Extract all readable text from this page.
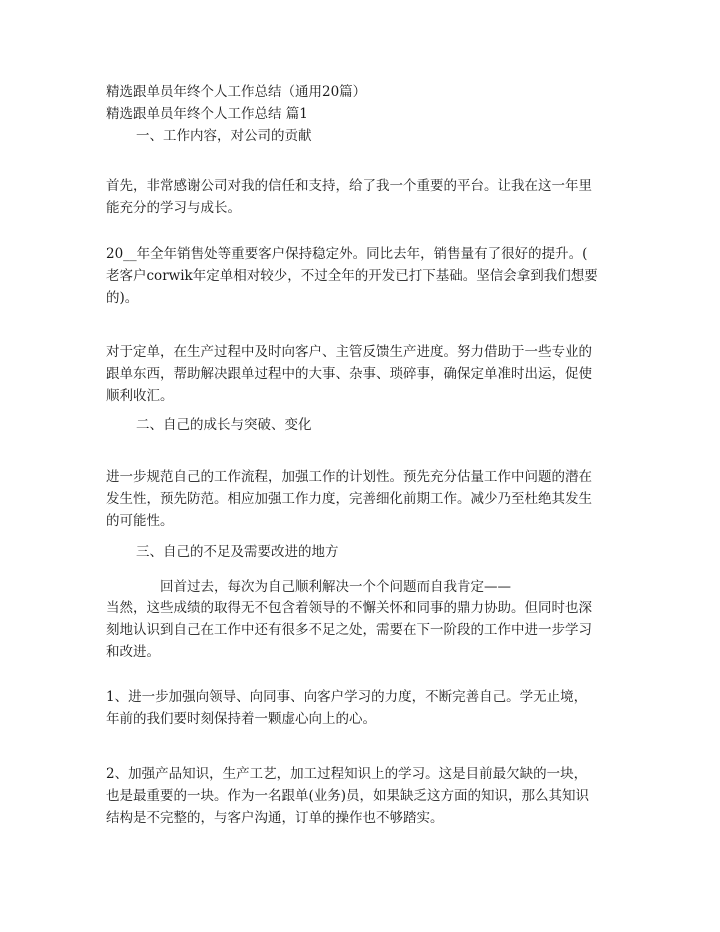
精选跟单员年终个人工作总结（通用20篇）
精选跟单员年终个人工作总结 篇1
一、工作内容，对公司的贡献
首先，非常感谢公司对我的信任和支持，给了我一个重要的平台。让我在这一年里
能充分的学习与成长。
20__年全年销售处等重要客户保持稳定外。同比去年，销售量有了很好的提升。(
老客户corwik年定单相对较少，不过全年的开发已打下基础。坚信会拿到我们想要
的)。
对于定单，在生产过程中及时向客户、主管反馈生产进度。努力借助于一些专业的
跟单东西，帮助解决跟单过程中的大事、杂事、琐碎事，确保定单准时出运，促使
顺利收汇。
二、自己的成长与突破、变化
进一步规范自己的工作流程，加强工作的计划性。预先充分估量工作中问题的潜在
发生性，预先防范。相应加强工作力度，完善细化前期工作。减少乃至杜绝其发生
的可能性。
三、自己的不足及需要改进的地方
回首过去，每次为自己顺利解决一个个问题而自我肯定——
当然，这些成绩的取得无不包含着领导的不懈关怀和同事的鼎力协助。但同时也深
刻地认识到自己在工作中还有很多不足之处，需要在下一阶段的工作中进一步学习
和改进。
1、进一步加强向领导、向同事、向客户学习的力度，不断完善自己。学无止境，
年前的我们要时刻保持着一颗虚心向上的心。
2、加强产品知识，生产工艺，加工过程知识上的学习。这是目前最欠缺的一块，
也是最重要的一块。作为一名跟单(业务)员，如果缺乏这方面的知识，那么其知识
结构是不完整的，与客户沟通，订单的操作也不够踏实。
